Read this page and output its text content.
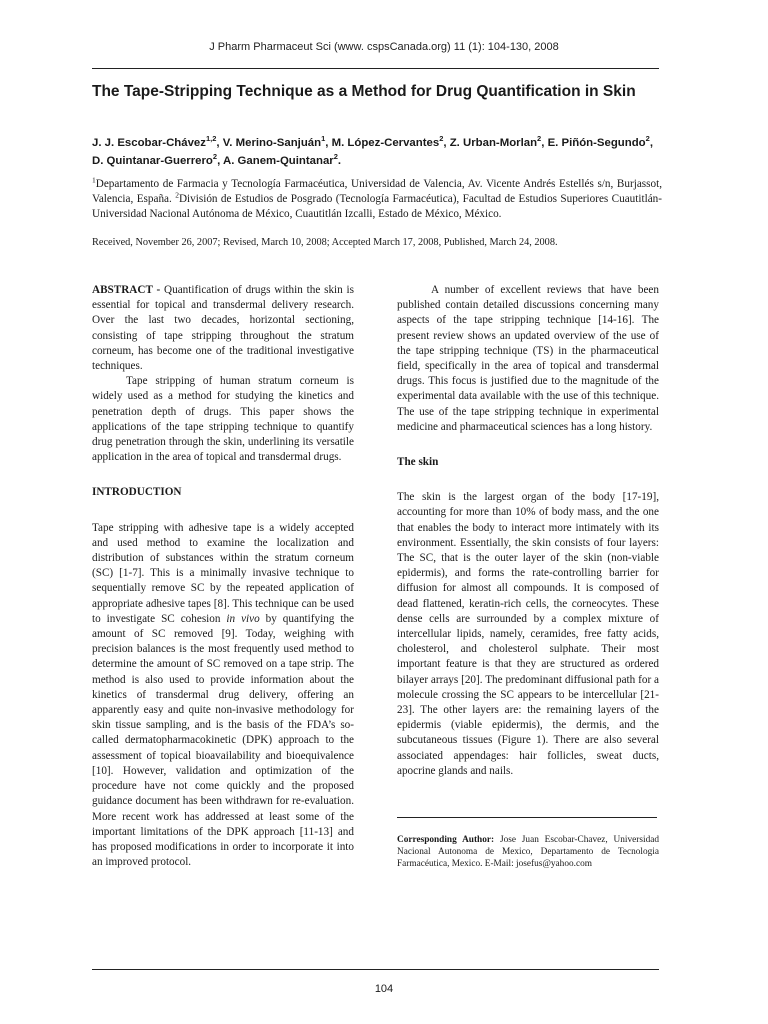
J Pharm Pharmaceut Sci (www. cspsCanada.org) 11 (1): 104-130, 2008
The Tape-Stripping Technique as a Method for Drug Quantification in Skin

J. J. Escobar-Chávez$^{1,2}$, V. Merino-Sanjuán$^1$, M. López-Cervantes$^2$, Z. Urban-Morlan$^2$, E. Piñón-Segundo$^2$, D. Quintanar-Guerrero$^2$, A. Ganem-Quintanar$^2$.

$^1$Departamento de Farmacia y Tecnología Farmacéutica, Universidad de Valencia, Av. Vicente Andrés Estellés s/n, Burjassot, Valencia, España. $^2$División de Estudios de Posgrado (Tecnología Farmacéutica), Facultad de Estudios Superiores Cuautitlán-Universidad Nacional Autónoma de México, Cuautitlán Izcalli, Estado de México, México.

Received, November 26, 2007; Revised, March 10, 2008; Accepted March 17, 2008, Published, March 24, 2008.

ABSTRACT - Quantification of drugs within the skin is essential for topical and transdermal delivery research. Over the last two decades, horizontal sectioning, consisting of tape stripping throughout the stratum corneum, has become one of the traditional investigative techniques.

Tape stripping of human stratum corneum is widely used as a method for studying the kinetics and penetration depth of drugs. This paper shows the applications of the tape stripping technique to quantify drug penetration through the skin, underlining its versatile application in the area of topical and transdermal drugs.

INTRODUCTION

Tape stripping with adhesive tape is a widely accepted and used method to examine the localization and distribution of substances within the stratum corneum (SC) [1-7]. This is a minimally invasive technique to sequentially remove SC by the repeated application of appropriate adhesive tapes [8]. This technique can be used to investigate SC cohesion in vivo by quantifying the amount of SC removed [9]. Today, weighing with precision balances is the most frequently used method to determine the amount of SC removed on a tape strip. The method is also used to provide information about the kinetics of transdermal drug delivery, offering an apparently easy and quite non-invasive methodology for skin tissue sampling, and is the basis of the FDA’s so-called dermatopharmacokinetic (DPK) approach to the assessment of topical bioavailability and bioequivalence [10]. However, validation and optimization of the procedure have not come quickly and the proposed guidance document has been withdrawn for re-evaluation. More recent work has addressed at least some of the important limitations of the DPK approach [11-13] and has proposed modifications in order to incorporate it into an improved protocol.

A number of excellent reviews that have been published contain detailed discussions concerning many aspects of the tape stripping technique [14-16]. The present review shows an updated overview of the use of the tape stripping technique (TS) in the pharmaceutical field, specifically in the area of topical and transdermal drugs. This focus is justified due to the magnitude of the experimental data available with the use of this technique. The use of the tape stripping technique in experimental medicine and pharmaceutical sciences has a long history.

The skin

The skin is the largest organ of the body [17-19], accounting for more than 10% of body mass, and the one that enables the body to interact more intimately with its environment. Essentially, the skin consists of four layers: The SC, that is the outer layer of the skin (non-viable epidermis), and forms the rate-controlling barrier for diffusion for almost all compounds. It is composed of dead flattened, keratin-rich cells, the corneocytes. These dense cells are surrounded by a complex mixture of intercellular lipids, namely, ceramides, free fatty acids, cholesterol, and cholesterol sulphate. Their most important feature is that they are structured as ordered bilayer arrays [20]. The predominant diffusional path for a molecule crossing the SC appears to be intercellular [21-23]. The other layers are: the remaining layers of the epidermis (viable epidermis), the dermis, and the subcutaneous tissues (Figure 1). There are also several associated appendages: hair follicles, sweat ducts, apocrine glands and nails.

Corresponding Author: Jose Juan Escobar-Chavez, Universidad Nacional Autonoma de Mexico, Departamento de Tecnologia Farmacéutica, Mexico. E-Mail: josefus@yahoo.com

104
